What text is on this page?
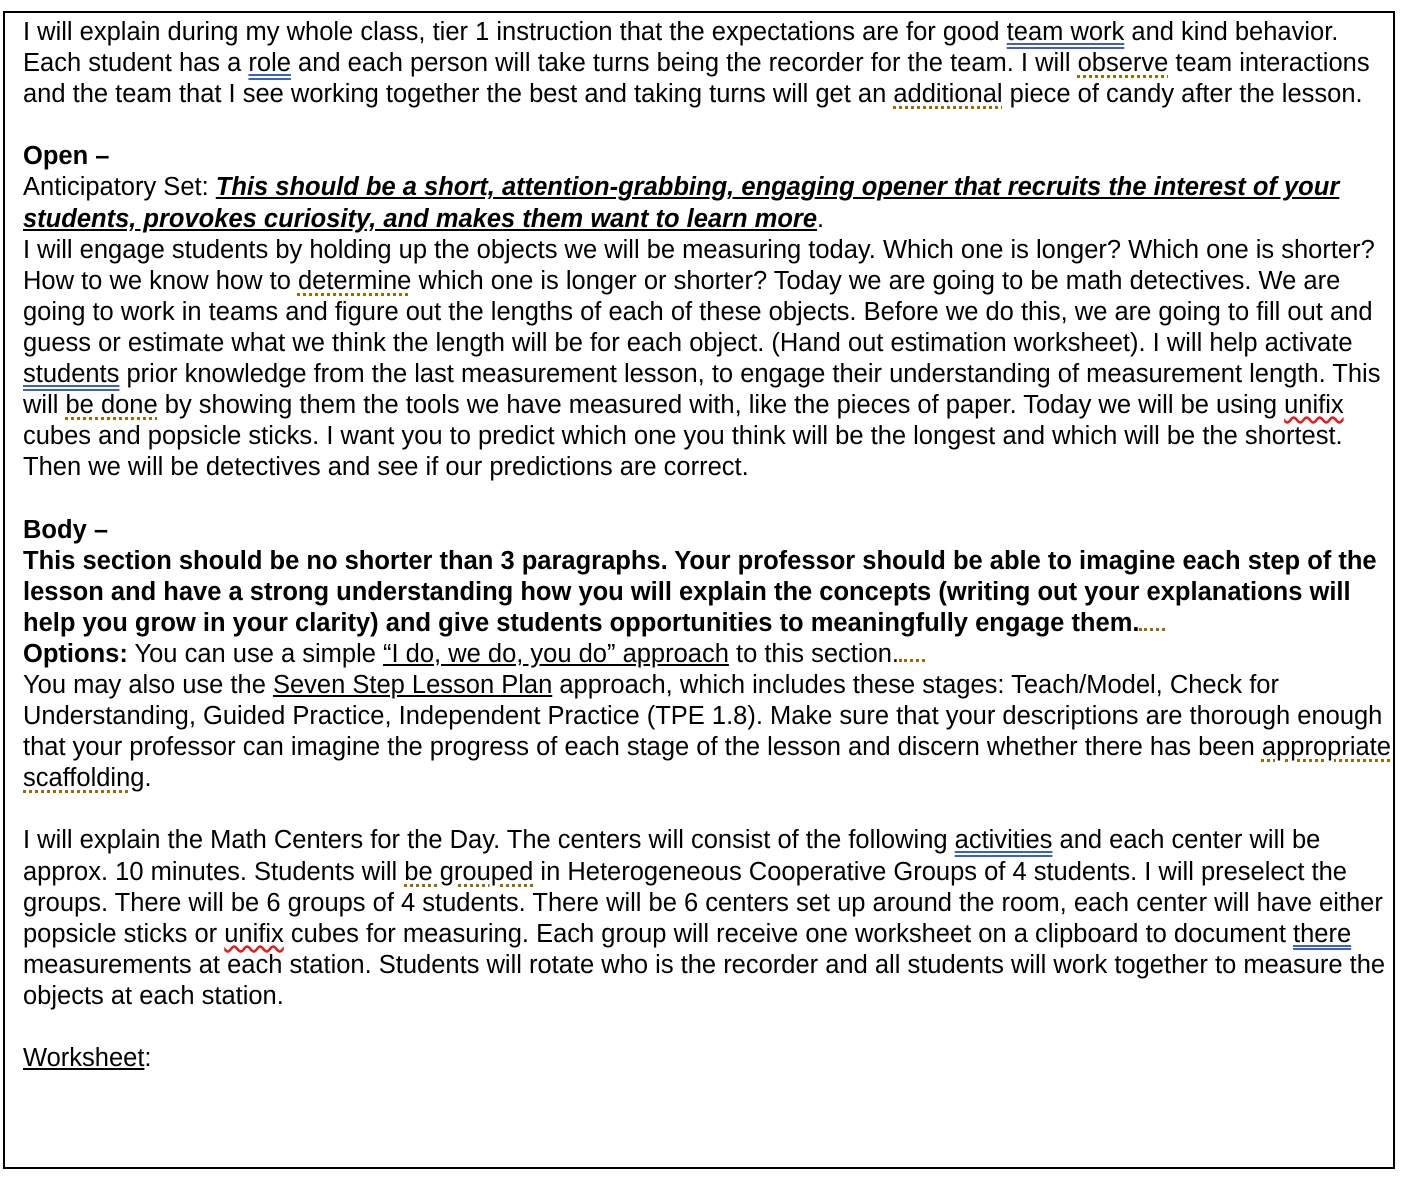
I will explain during my whole class, tier 1 instruction that the expectations are for good team work and kind behavior. Each student has a role and each person will take turns being the recorder for the team. I will observe team interactions and the team that I see working together the best and taking turns will get an additional piece of candy after the lesson.

Open –

Anticipatory Set: This should be a short, attention-grabbing, engaging opener that recruits the interest of your students, provokes curiosity, and makes them want to learn more.

I will engage students by holding up the objects we will be measuring today. Which one is longer? Which one is shorter? How to we know how to determine which one is longer or shorter? Today we are going to be math detectives. We are going to work in teams and figure out the lengths of each of these objects. Before we do this, we are going to fill out and guess or estimate what we think the length will be for each object. (Hand out estimation worksheet). I will help activate students prior knowledge from the last measurement lesson, to engage their understanding of measurement length. This will be done by showing them the tools we have measured with, like the pieces of paper. Today we will be using unifix cubes and popsicle sticks. I want you to predict which one you think will be the longest and which will be the shortest. Then we will be detectives and see if our predictions are correct.

Body –

This section should be no shorter than 3 paragraphs. Your professor should be able to imagine each step of the lesson and have a strong understanding how you will explain the concepts (writing out your explanations will help you grow in your clarity) and give students opportunities to meaningfully engage them.

Options: You can use a simple “I do, we do, you do” approach to this section.

You may also use the Seven Step Lesson Plan approach, which includes these stages: Teach/Model, Check for Understanding, Guided Practice, Independent Practice (TPE 1.8). Make sure that your descriptions are thorough enough that your professor can imagine the progress of each stage of the lesson and discern whether there has been appropriate scaffolding.

I will explain the Math Centers for the Day. The centers will consist of the following activities and each center will be approx. 10 minutes. Students will be grouped in Heterogeneous Cooperative Groups of 4 students. I will preselect the groups. There will be 6 groups of 4 students. There will be 6 centers set up around the room, each center will have either popsicle sticks or unifix cubes for measuring. Each group will receive one worksheet on a clipboard to document there measurements at each station. Students will rotate who is the recorder and all students will work together to measure the objects at each station.

Worksheet:
